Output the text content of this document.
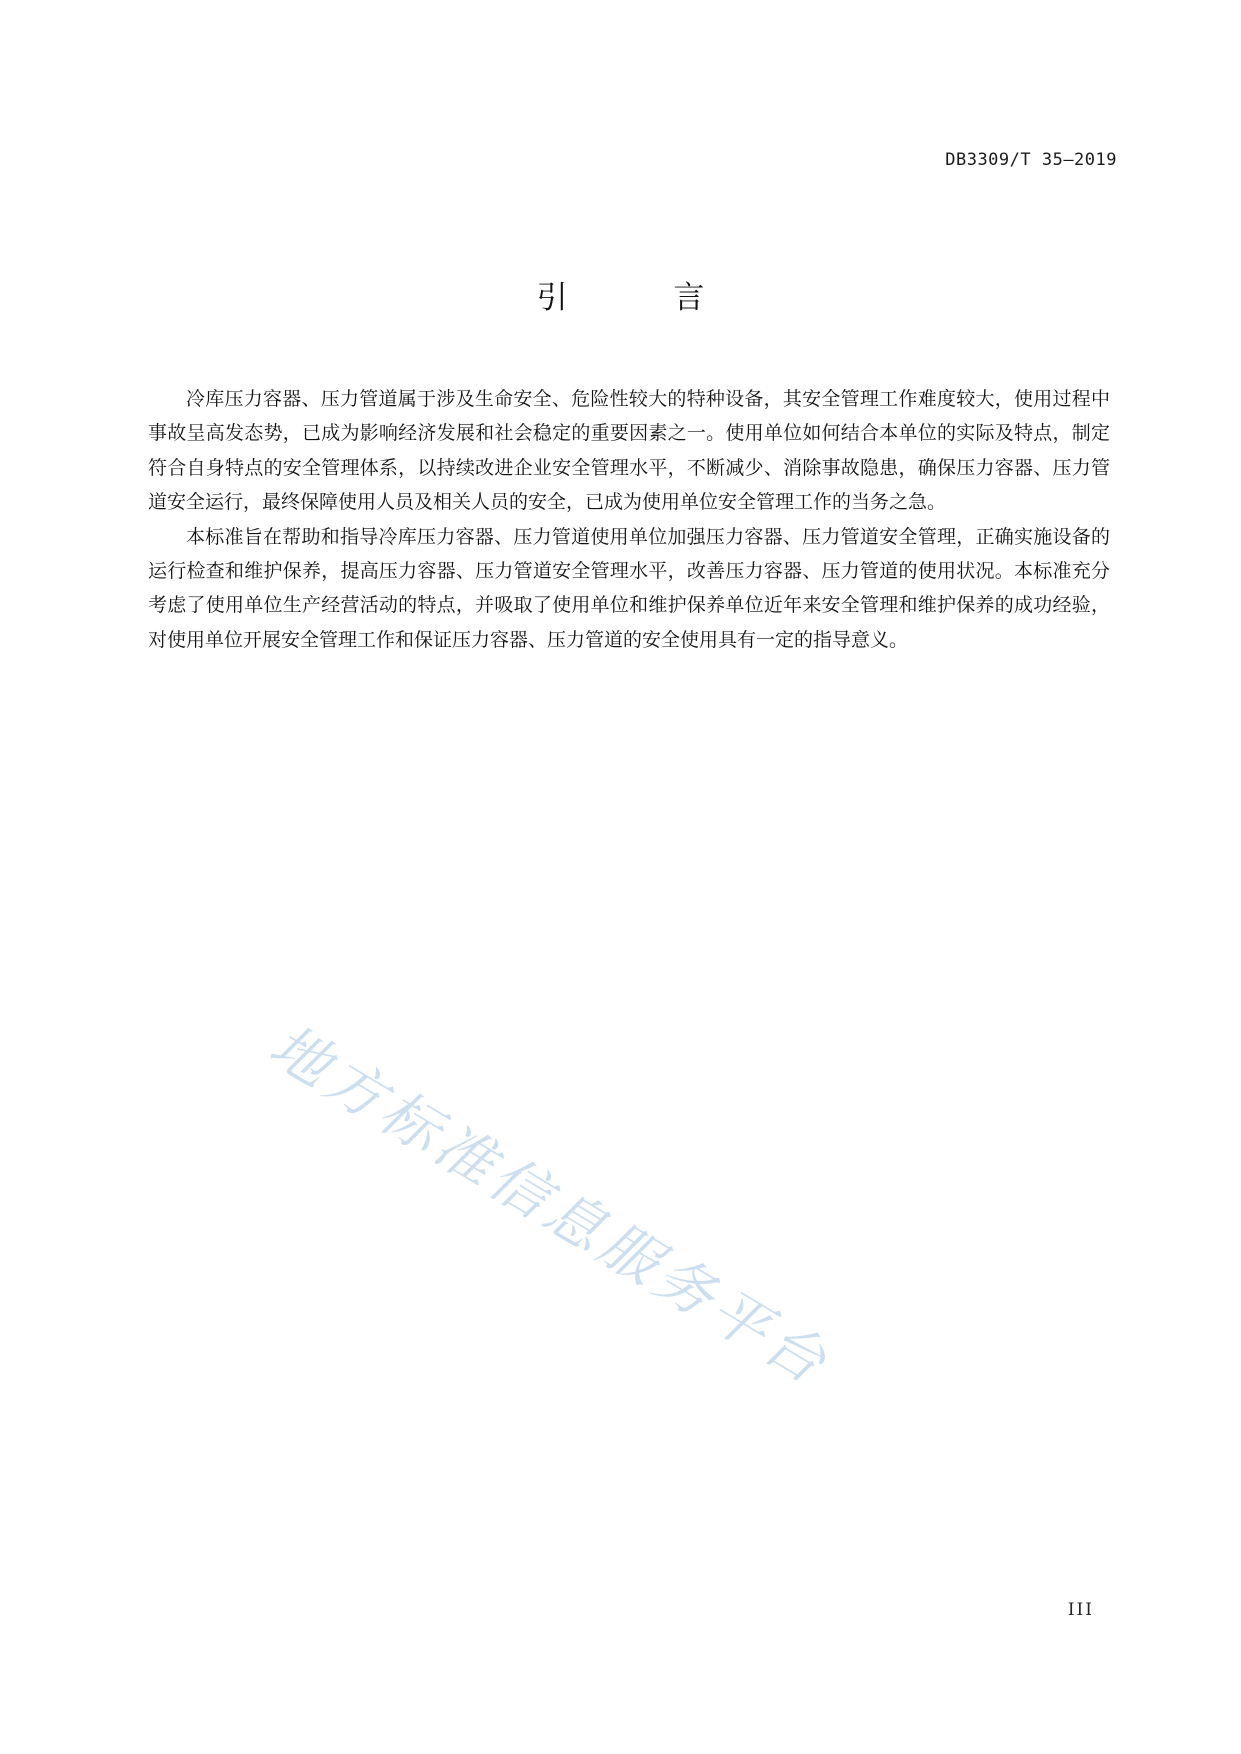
DB3309/T 35—2019
引 言

冷库压力容器、压力管道属于涉及生命安全、危险性较大的特种设备，其安全管理工作难度较大，使用过程中事故呈高发态势，已成为影响经济发展和社会稳定的重要因素之一。使用单位如何结合本单位的实际及特点，制定符合自身特点的安全管理体系，以持续改进企业安全管理水平，不断减少、消除事故隐患，确保压力容器、压力管道安全运行，最终保障使用人员及相关人员的安全，已成为使用单位安全管理工作的当务之急。

本标准旨在帮助和指导冷库压力容器、压力管道使用单位加强压力容器、压力管道安全管理，正确实施设备的运行检查和维护保养，提高压力容器、压力管道安全管理水平，改善压力容器、压力管道的使用状况。本标准充分考虑了使用单位生产经营活动的特点，并吸取了使用单位和维护保养单位近年来安全管理和维护保养的成功经验，对使用单位开展安全管理工作和保证压力容器、压力管道的安全使用具有一定的指导意义。

地方标准信息服务平台
III
